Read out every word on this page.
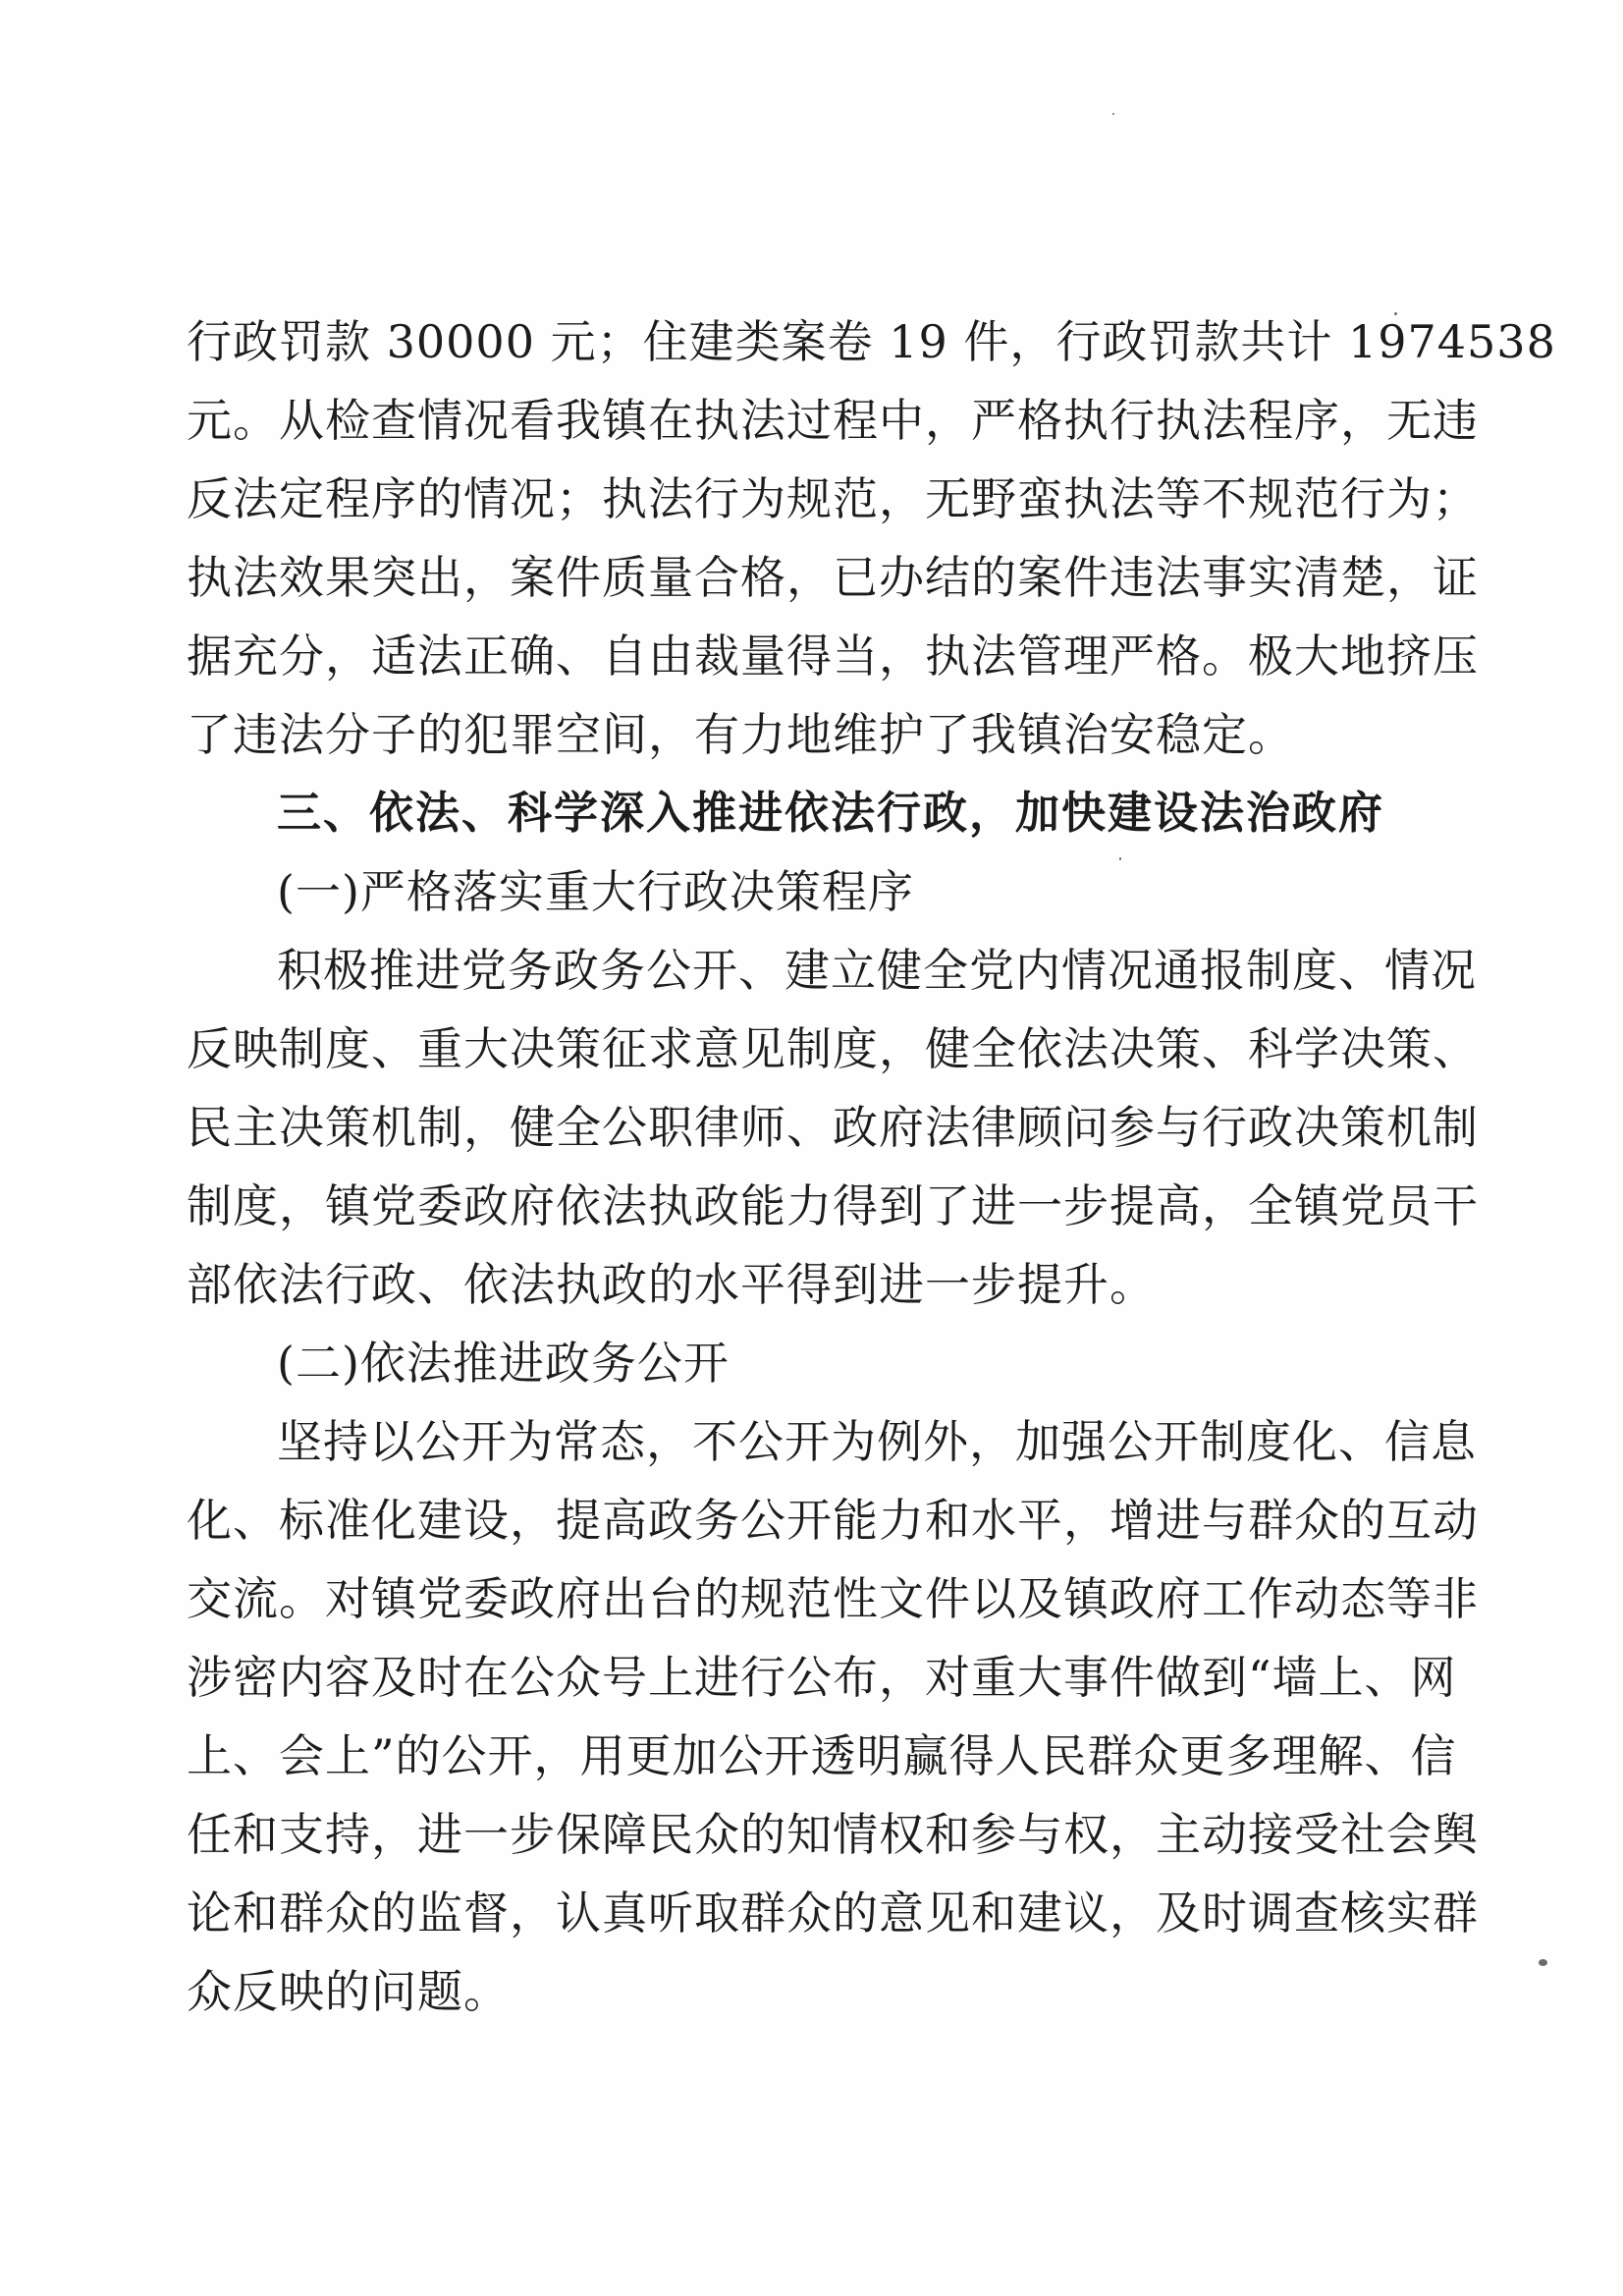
行政罚款 30000 元；住建类案卷 19 件，行政罚款共计 1974538
元。从检查情况看我镇在执法过程中，严格执行执法程序，无违
反法定程序的情况；执法行为规范，无野蛮执法等不规范行为；
执法效果突出，案件质量合格，已办结的案件违法事实清楚，证
据充分，适法正确、自由裁量得当，执法管理严格。极大地挤压
了违法分子的犯罪空间，有力地维护了我镇治安稳定。
三、依法、科学深入推进依法行政，加快建设法治政府
(一)严格落实重大行政决策程序
积极推进党务政务公开、建立健全党内情况通报制度、情况
反映制度、重大决策征求意见制度，健全依法决策、科学决策、
民主决策机制，健全公职律师、政府法律顾问参与行政决策机制
制度，镇党委政府依法执政能力得到了进一步提高，全镇党员干
部依法行政、依法执政的水平得到进一步提升。
(二)依法推进政务公开
坚持以公开为常态，不公开为例外，加强公开制度化、信息
化、标准化建设，提高政务公开能力和水平，增进与群众的互动
交流。对镇党委政府出台的规范性文件以及镇政府工作动态等非
涉密内容及时在公众号上进行公布，对重大事件做到“墙上、网
上、会上”的公开，用更加公开透明赢得人民群众更多理解、信
任和支持，进一步保障民众的知情权和参与权，主动接受社会舆
论和群众的监督，认真听取群众的意见和建议，及时调查核实群
众反映的问题。
